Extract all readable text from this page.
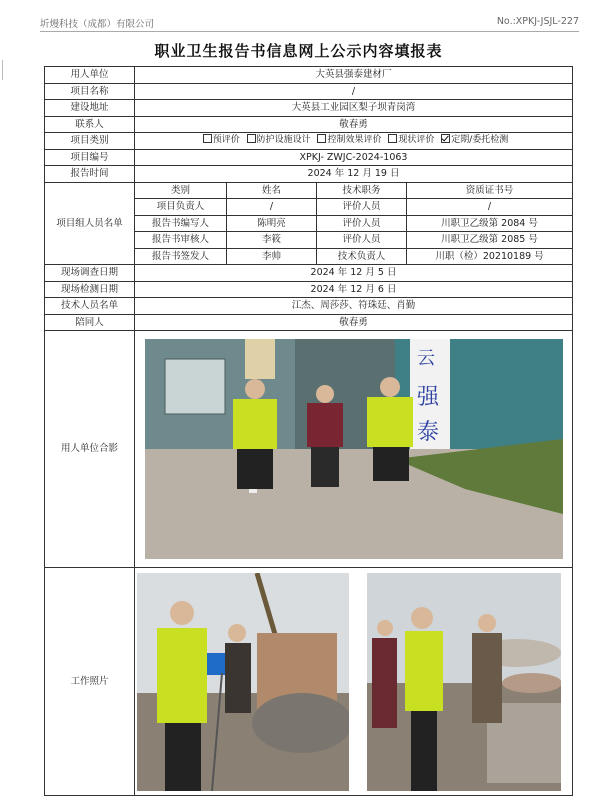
圻熳科技（成都）有限公司	No.:XPKJ-JSJL-227
职业卫生报告书信息网上公示内容填报表
用人单位	大英县强泰建材厂			
项目名称	/			
建设地址	大英县工业园区梨子坝青岗湾			
联系人	敬春勇			
项目类别	预评价 防护设施设计 控制效果评价 现状评价 定期/委托检测			
项目编号	XPKJ- ZWJC-2024-1063			
报告时间	2024 年 12 月 19 日			
项目组人员名单	类别	姓名	技术职务	资质证书号
	项目负责人	/	评价人员	/
	报告书编写人	陈明亮	评价人员	川职卫乙级第 2084 号
	报告书审核人	李筱	评价人员	川职卫乙级第 2085 号
	报告书签发人	李帅	技术负责人	川职（检）20210189 号
现场调查日期	2024 年 12 月 5 日			
现场检测日期	2024 年 12 月 6 日			
技术人员名单	江杰、周莎莎、符珠廷、肖勤			
陪同人	敬春勇			
用人单位合影	云
强
泰			

工作照片	
